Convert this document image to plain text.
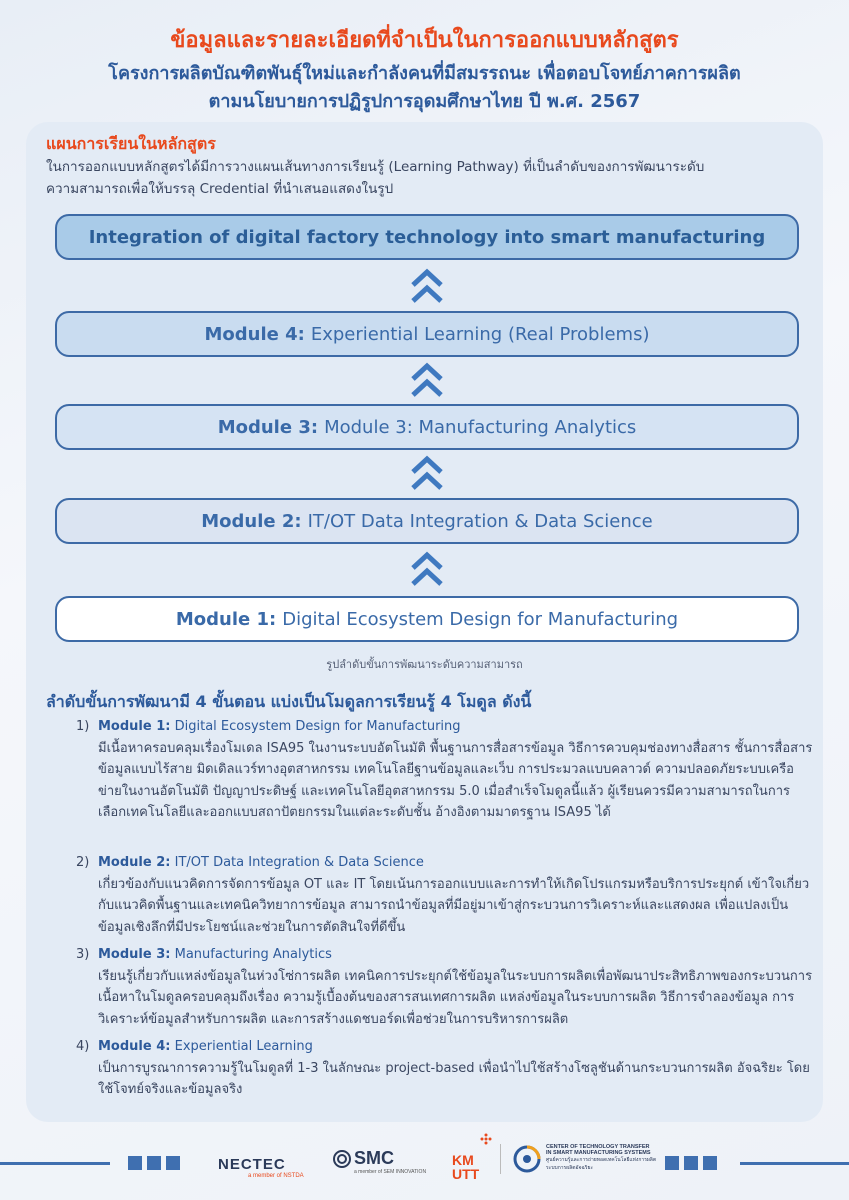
ข้อมูลและรายละเอียดที่จำเป็นในการออกแบบหลักสูตร
โครงการผลิตบัณฑิตพันธุ์ใหม่และกำลังคนที่มีสมรรถนะ เพื่อตอบโจทย์ภาคการผลิต
ตามนโยบายการปฏิรูปการอุดมศึกษาไทย ปี พ.ศ. 2567
แผนการเรียนในหลักสูตร
ในการออกแบบหลักสูตรได้มีการวางแผนเส้นทางการเรียนรู้ (Learning Pathway) ที่เป็นลำดับของการพัฒนาระดับ
ความสามารถเพื่อให้บรรลุ Credential ที่นำเสนอแสดงในรูป
Integration of digital factory technology into smart manufacturing
Module 4: Experiential Learning (Real Problems)
Module 3: Module 3: Manufacturing Analytics
Module 2: IT/OT Data Integration & Data Science
Module 1: Digital Ecosystem Design for Manufacturing
รูปลำดับขั้นการพัฒนาระดับความสามารถ
ลำดับขั้นการพัฒนามี 4 ขั้นตอน แบ่งเป็นโมดูลการเรียนรู้ 4 โมดูล ดังนี้
1) Module 1: Digital Ecosystem Design for Manufacturing
มีเนื้อหาครอบคลุมเรื่องโมเดล ISA95 ในงานระบบอัตโนมัติ พื้นฐานการสื่อสารข้อมูล วิธีการควบคุมช่องทางสื่อสาร ชั้นการสื่อสารข้อมูลแบบไร้สาย มิดเดิลแวร์ทางอุตสาหกรรม เทคโนโลยีฐานข้อมูลและเว็บ การประมวลแบบคลาวด์ ความปลอดภัยระบบเครือข่ายในงานอัตโนมัติ ปัญญาประดิษฐ์ และเทคโนโลยีอุตสาหกรรม 5.0 เมื่อสำเร็จโมดูลนี้แล้ว ผู้เรียนควรมีความสามารถในการเลือกเทคโนโลยีและออกแบบสถาปัตยกรรมในแต่ละระดับชั้น อ้างอิงตามมาตรฐาน ISA95 ได้
2) Module 2: IT/OT Data Integration & Data Science
เกี่ยวข้องกับแนวคิดการจัดการข้อมูล OT และ IT โดยเน้นการออกแบบและการทำให้เกิดโปรแกรมหรือบริการประยุกต์ เข้าใจเกี่ยวกับแนวคิดพื้นฐานและเทคนิควิทยาการข้อมูล สามารถนำข้อมูลที่มีอยู่มาเข้าสู่กระบวนการวิเคราะห์และแสดงผล เพื่อแปลงเป็นข้อมูลเชิงลึกที่มีประโยชน์และช่วยในการตัดสินใจที่ดีขึ้น
3) Module 3: Manufacturing Analytics
เรียนรู้เกี่ยวกับแหล่งข้อมูลในห่วงโซ่การผลิต เทคนิคการประยุกต์ใช้ข้อมูลในระบบการผลิตเพื่อพัฒนาประสิทธิภาพของกระบวนการ เนื้อหาในโมดูลครอบคลุมถึงเรื่อง ความรู้เบื้องต้นของสารสนเทศการผลิต แหล่งข้อมูลในระบบการผลิต วิธีการจำลองข้อมูล การวิเคราะห์ข้อมูลสำหรับการผลิต และการสร้างแดชบอร์ดเพื่อช่วยในการบริหารการผลิต
4) Module 4: Experiential Learning
เป็นการบูรณาการความรู้ในโมดูลที่ 1-3 ในลักษณะ project-based เพื่อนำไปใช้สร้างโซลูชันด้านกระบวนการผลิต อัจฉริยะ โดยใช้โจทย์จริงและข้อมูลจริง
NECTEC
a member of NSTDA
SMC
a member of SEM INNOVATION
KM
UTT
CENTER OF TECHNOLOGY TRANSFER
IN SMART MANUFACTURING SYSTEMS
ศูนย์ความรู้และการถ่ายทอดเทคโนโลยีแห่งการผลิต
ระบบการผลิตอัจฉริยะ
